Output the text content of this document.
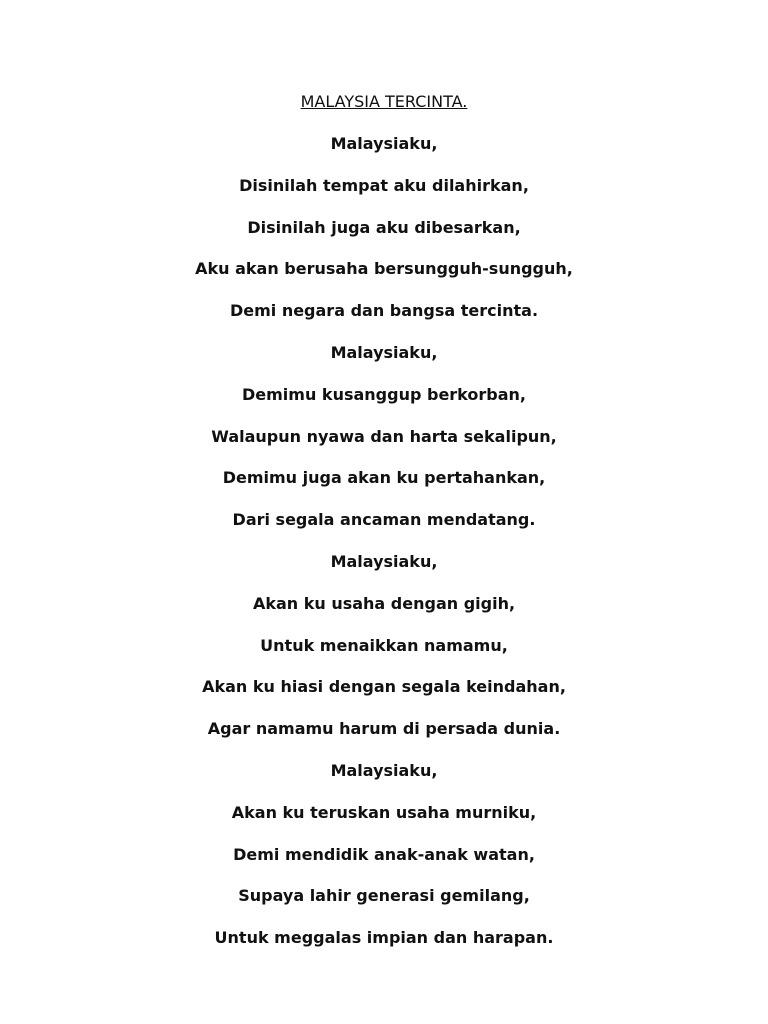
MALAYSIA TERCINTA.
Malaysiaku,
Disinilah tempat aku dilahirkan,
Disinilah juga aku dibesarkan,
Aku akan berusaha bersungguh-sungguh,
Demi negara dan bangsa tercinta.
Malaysiaku,
Demimu kusanggup berkorban,
Walaupun nyawa dan harta sekalipun,
Demimu juga akan ku pertahankan,
Dari segala ancaman mendatang.
Malaysiaku,
Akan ku usaha dengan gigih,
Untuk menaikkan namamu,
Akan ku hiasi dengan segala keindahan,
Agar namamu harum di persada dunia.
Malaysiaku,
Akan ku teruskan usaha murniku,
Demi mendidik anak-anak watan,
Supaya lahir generasi gemilang,
Untuk meggalas impian dan harapan.
